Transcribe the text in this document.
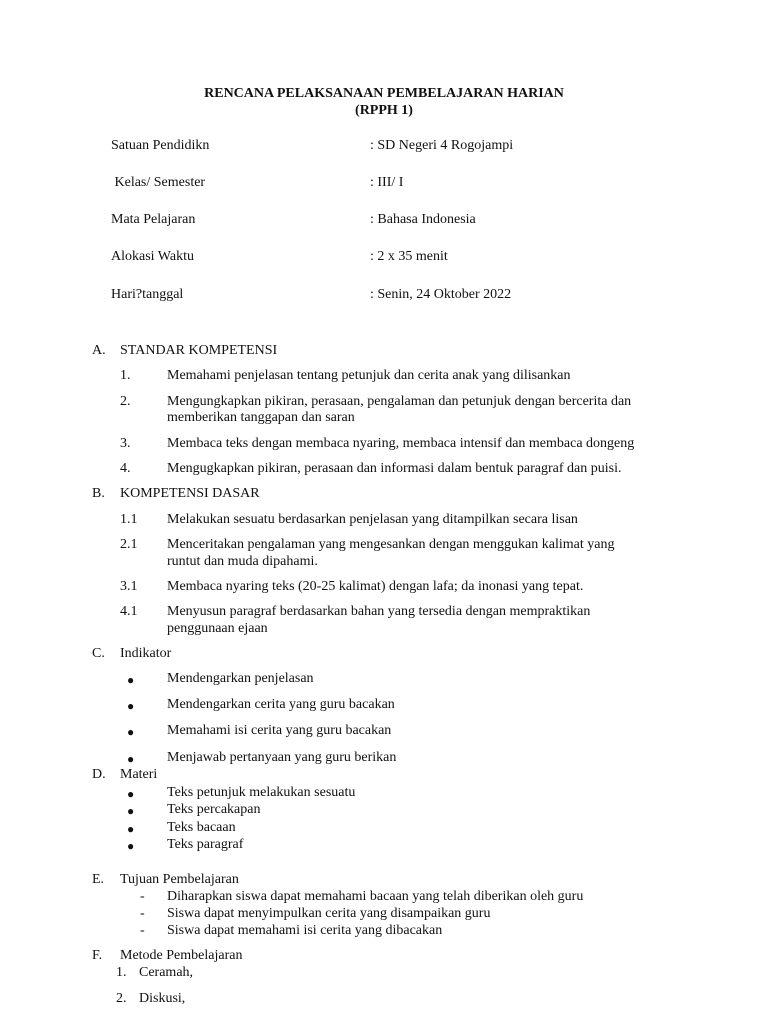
RENCANA PELAKSANAAN PEMBELAJARAN HARIAN
(RPPH 1)
Satuan Pendidikn	: SD Negeri 4 Rogojampi
Kelas/ Semester	: III/ I
Mata Pelajaran	: Bahasa Indonesia
Alokasi Waktu	: 2 x 35 menit
Hari?tanggal	: Senin, 24 Oktober 2022
A. STANDAR KOMPETENSI
1.	Memahami penjelasan tentang petunjuk dan cerita anak yang dilisankan
2.	Mengungkapkan pikiran, perasaan, pengalaman dan petunjuk dengan bercerita dan
memberikan tanggapan dan saran
3.	Membaca teks dengan membaca nyaring, membaca intensif dan membaca dongeng
4.	Mengugkapkan pikiran, perasaan dan informasi dalam bentuk paragraf dan puisi.
B. KOMPETENSI DASAR
1.1 Melakukan sesuatu berdasarkan penjelasan yang ditampilkan secara lisan
2.1 Menceritakan pengalaman yang mengesankan dengan menggukan kalimat yang
runtut dan muda dipahami.
3.1 Membaca nyaring teks (20-25 kalimat) dengan lafa; da inonasi yang tepat.
4.1 Menyusun paragraf berdasarkan bahan yang tersedia dengan mempraktikan
penggunaan ejaan
C. Indikator
● Mendengarkan penjelasan
● Mendengarkan cerita yang guru bacakan
● Memahami isi cerita yang guru bacakan
● Menjawab pertanyaan yang guru berikan
D. Materi
● Teks petunjuk melakukan sesuatu
● Teks percakapan
● Teks bacaan
● Teks paragraf
E. Tujuan Pembelajaran
- Diharapkan siswa dapat memahami bacaan yang telah diberikan oleh guru
- Siswa dapat menyimpulkan cerita yang disampaikan guru
- Siswa dapat memahami isi cerita yang dibacakan
F. Metode Pembelajaran
1. Ceramah,
2. Diskusi,
